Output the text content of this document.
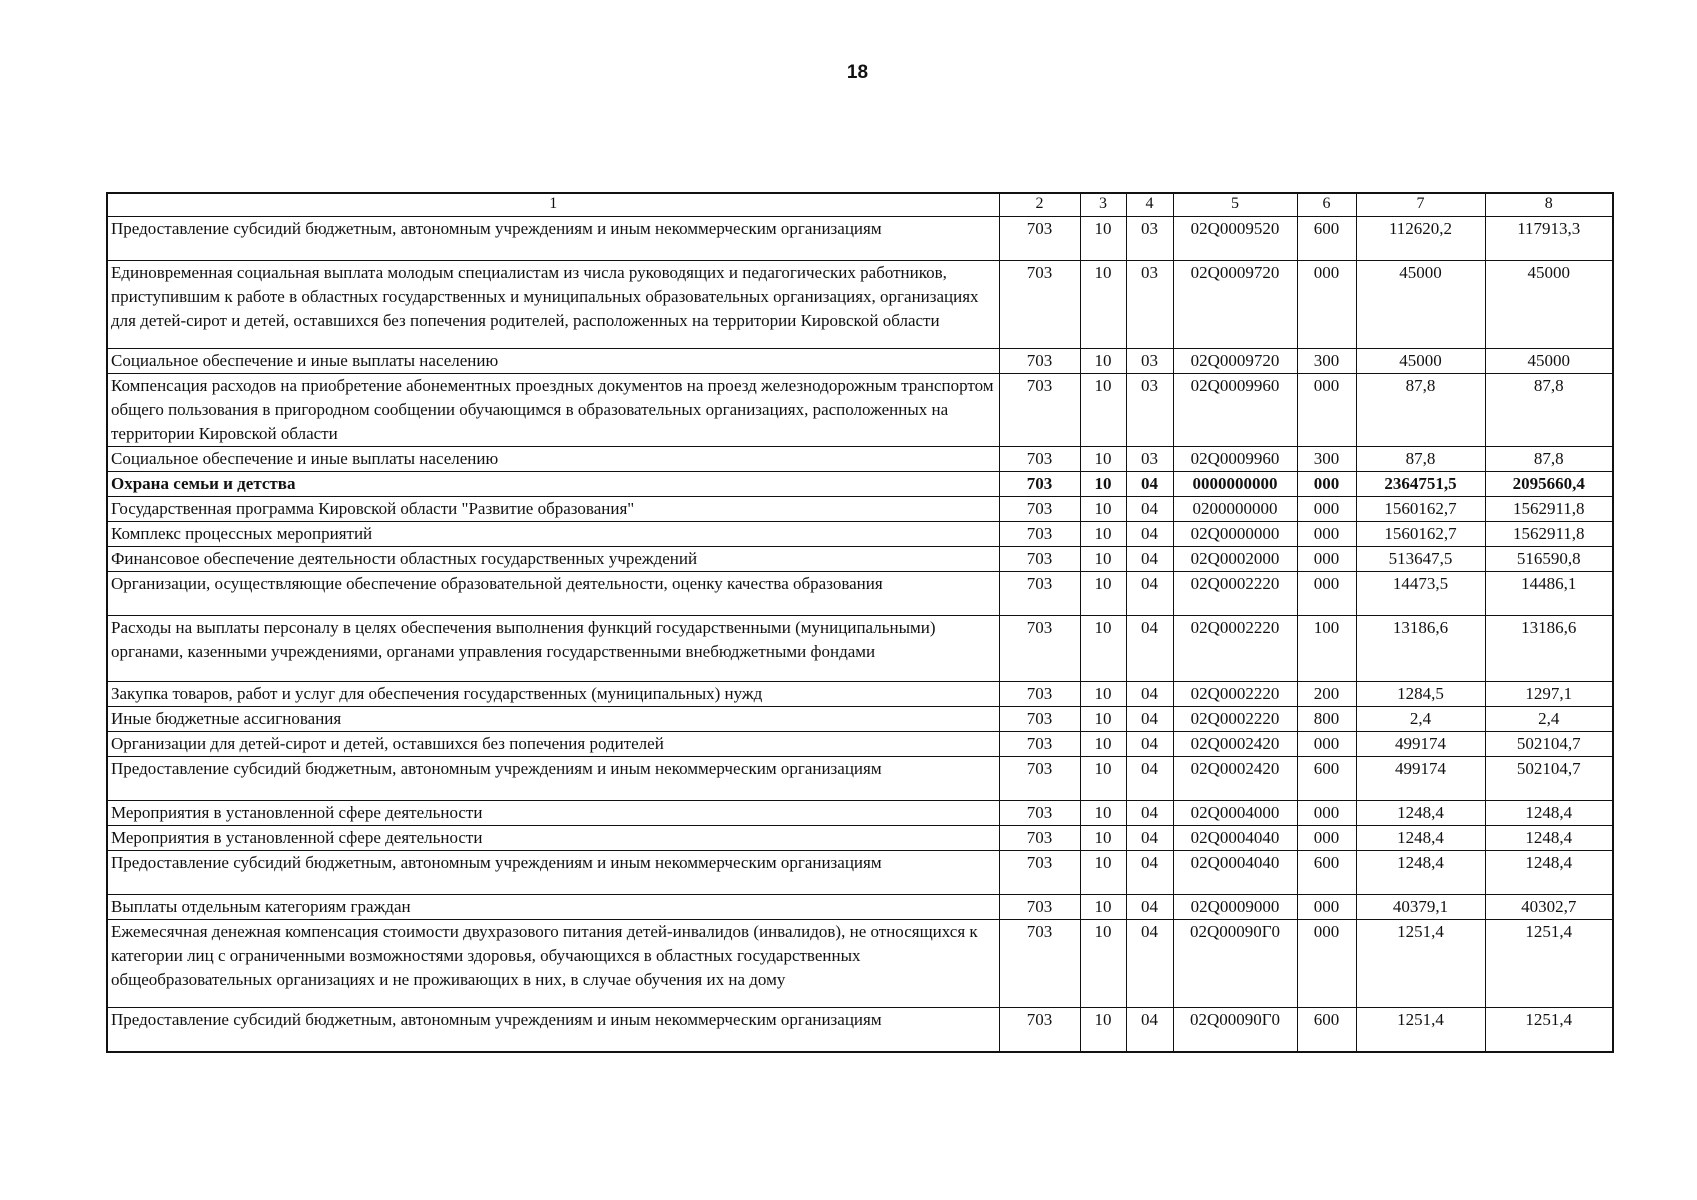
18
1	2	3	4	5	6	7	8
Предоставление субсидий бюджетным, автономным учреждениям и иным некоммерческим организациям	703	10	03	02Q0009520	600	112620,2	117913,3
Единовременная социальная выплата молодым специалистам из числа руководящих и педагогических работников, приступившим к работе в областных государственных и муниципальных образовательных организациях, организациях для детей-сирот и детей, оставшихся без попечения родителей, расположенных на территории Кировской области	703	10	03	02Q0009720	000	45000	45000
Социальное обеспечение и иные выплаты населению	703	10	03	02Q0009720	300	45000	45000
Компенсация расходов на приобретение абонементных проездных документов на проезд железнодорожным транспортом общего пользования в пригородном сообщении обучающимся в образовательных организациях, расположенных на территории Кировской области	703	10	03	02Q0009960	000	87,8	87,8
Социальное обеспечение и иные выплаты населению	703	10	03	02Q0009960	300	87,8	87,8
Охрана семьи и детства	703	10	04	0000000000	000	2364751,5	2095660,4
Государственная программа Кировской области "Развитие образования"	703	10	04	0200000000	000	1560162,7	1562911,8
Комплекс процессных мероприятий	703	10	04	02Q0000000	000	1560162,7	1562911,8
Финансовое обеспечение деятельности областных государственных учреждений	703	10	04	02Q0002000	000	513647,5	516590,8
Организации, осуществляющие обеспечение образовательной деятельности, оценку качества образования	703	10	04	02Q0002220	000	14473,5	14486,1
Расходы на выплаты персоналу в целях обеспечения выполнения функций государственными (муниципальными) органами, казенными учреждениями, органами управления государственными внебюджетными фондами	703	10	04	02Q0002220	100	13186,6	13186,6
Закупка товаров, работ и услуг для обеспечения государственных (муниципальных) нужд	703	10	04	02Q0002220	200	1284,5	1297,1
Иные бюджетные ассигнования	703	10	04	02Q0002220	800	2,4	2,4
Организации для детей-сирот и детей, оставшихся без попечения родителей	703	10	04	02Q0002420	000	499174	502104,7
Предоставление субсидий бюджетным, автономным учреждениям и иным некоммерческим организациям	703	10	04	02Q0002420	600	499174	502104,7
Мероприятия в установленной сфере деятельности	703	10	04	02Q0004000	000	1248,4	1248,4
Мероприятия в установленной сфере деятельности	703	10	04	02Q0004040	000	1248,4	1248,4
Предоставление субсидий бюджетным, автономным учреждениям и иным некоммерческим организациям	703	10	04	02Q0004040	600	1248,4	1248,4
Выплаты отдельным категориям граждан	703	10	04	02Q0009000	000	40379,1	40302,7
Ежемесячная денежная компенсация стоимости двухразового питания детей-инвалидов (инвалидов), не относящихся к категории лиц с ограниченными возможностями здоровья, обучающихся в областных государственных общеобразовательных организациях и не проживающих в них, в случае обучения их на дому	703	10	04	02Q00090Г0	000	1251,4	1251,4
Предоставление субсидий бюджетным, автономным учреждениям и иным некоммерческим организациям	703	10	04	02Q00090Г0	600	1251,4	1251,4
